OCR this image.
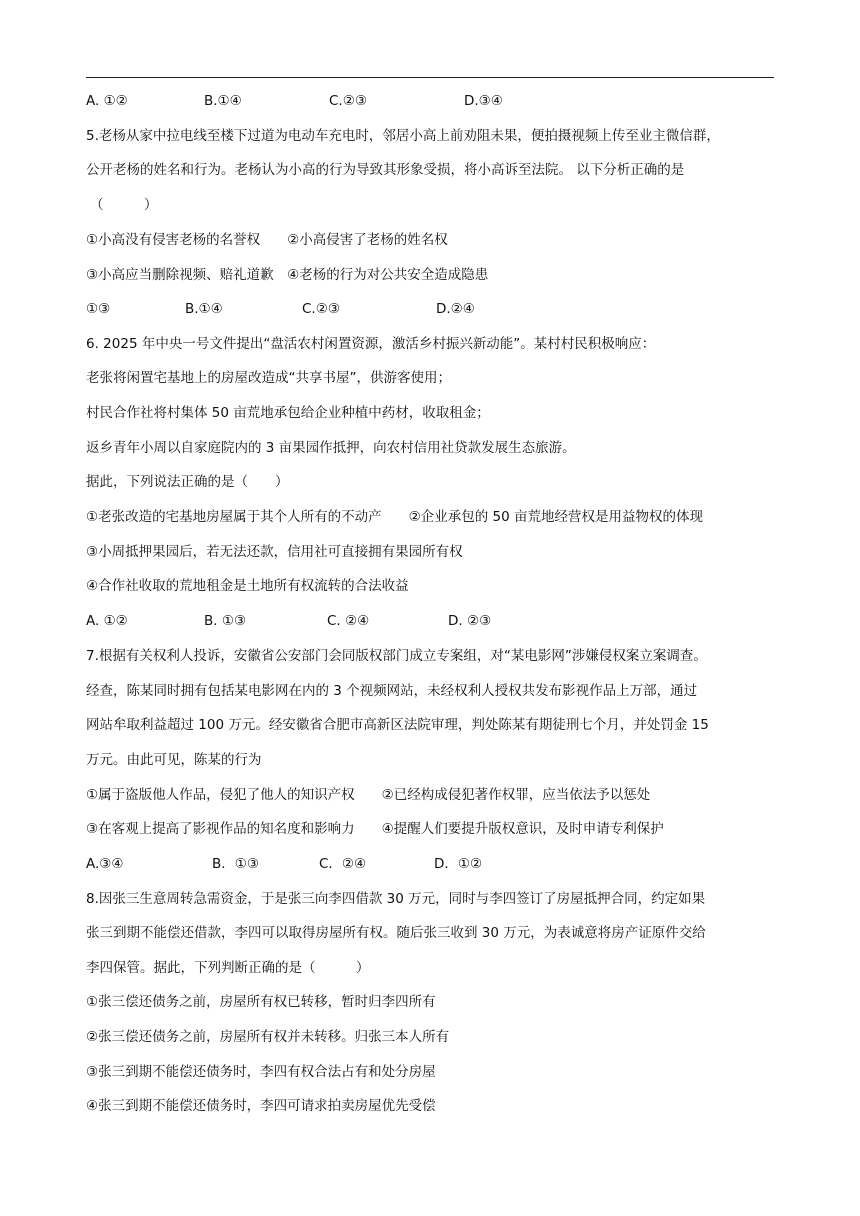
A. ①②	B.①④	C.②③	D.③④
5.老杨从家中拉电线至楼下过道为电动车充电时，邻居小高上前劝阻未果，便拍摄视频上传至业主微信群，
公开老杨的姓名和行为。老杨认为小高的行为导致其形象受损，将小高诉至法院。 以下分析正确的是
（　　　）
①小高没有侵害老杨的名誉权　　②小高侵害了老杨的姓名权
③小高应当删除视频、赔礼道歉　④老杨的行为对公共安全造成隐患
①③	B.①④	C.②③	D.②④
6. 2025 年中央一号文件提出“盘活农村闲置资源，激活乡村振兴新动能”。某村村民积极响应：
老张将闲置宅基地上的房屋改造成“共享书屋”，供游客使用；
村民合作社将村集体 50 亩荒地承包给企业种植中药材，收取租金；
返乡青年小周以自家庭院内的 3 亩果园作抵押，向农村信用社贷款发展生态旅游。
据此，下列说法正确的是（　　）
①老张改造的宅基地房屋属于其个人所有的不动产　　②企业承包的 50 亩荒地经营权是用益物权的体现
③小周抵押果园后，若无法还款，信用社可直接拥有果园所有权
④合作社收取的荒地租金是土地所有权流转的合法收益
A. ①②	B. ①③	C. ②④	D. ②③
7.根据有关权利人投诉，安徽省公安部门会同版权部门成立专案组，对“某电影网”涉嫌侵权案立案调查。
经查，陈某同时拥有包括某电影网在内的 3 个视频网站，未经权利人授权共发布影视作品上万部，通过
网站牟取利益超过 100 万元。经安徽省合肥市高新区法院审理，判处陈某有期徒刑七个月，并处罚金 15
万元。由此可见，陈某的行为
①属于盗版他人作品，侵犯了他人的知识产权　　②已经构成侵犯著作权罪，应当依法予以惩处
③在客观上提高了影视作品的知名度和影响力　　④提醒人们要提升版权意识，及时申请专利保护
A.③④	B．①③	C．②④	D．①②
8.因张三生意周转急需资金，于是张三向李四借款 30 万元，同时与李四签订了房屋抵押合同，约定如果
张三到期不能偿还借款，李四可以取得房屋所有权。随后张三收到 30 万元，为表诚意将房产证原件交给
李四保管。据此，下列判断正确的是（　　　）
①张三偿还债务之前，房屋所有权已转移，暂时归李四所有
②张三偿还债务之前，房屋所有权并未转移。归张三本人所有
③张三到期不能偿还债务时，李四有权合法占有和处分房屋
④张三到期不能偿还债务时，李四可请求拍卖房屋优先受偿
